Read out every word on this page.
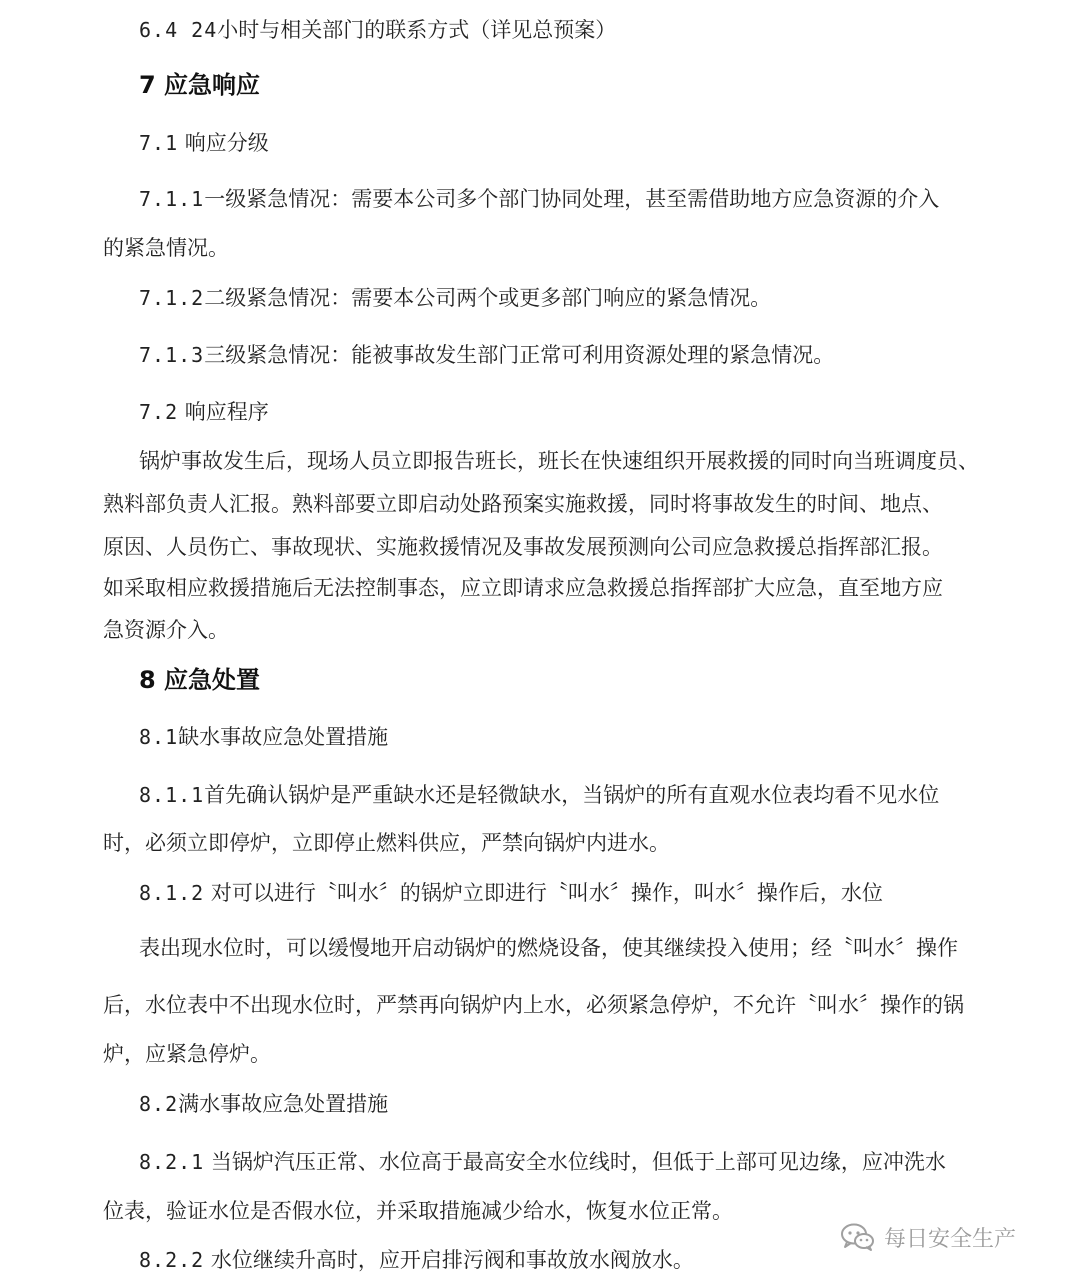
6.4 24小时与相关部门的联系方式（详见总预案）
7 应急响应
7.1 响应分级
7.1.1一级紧急情况：需要本公司多个部门协同处理，甚至需借助地方应急资源的介入
的紧急情况。
7.1.2二级紧急情况：需要本公司两个或更多部门响应的紧急情况。
7.1.3三级紧急情况：能被事故发生部门正常可利用资源处理的紧急情况。
7.2 响应程序
锅炉事故发生后，现场人员立即报告班长，班长在快速组织开展救援的同时向当班调度员、
熟料部负责人汇报。熟料部要立即启动处路预案实施救援，同时将事故发生的时间、地点、
原因、人员伤亡、事故现状、实施救援情况及事故发展预测向公司应急救援总指挥部汇报。
如采取相应救援措施后无法控制事态，应立即请求应急救援总指挥部扩大应急，直至地方应
急资源介入。
8 应急处置
8.1缺水事故应急处置措施
8.1.1首先确认锅炉是严重缺水还是轻微缺水，当锅炉的所有直观水位表均看不见水位
时，必须立即停炉，立即停止燃料供应，严禁向锅炉内进水。
8.1.2 对可以进行〝叫水〞的锅炉立即进行〝叫水〞操作，叫水〞操作后，水位
表出现水位时，可以缓慢地开启动锅炉的燃烧设备，使其继续投入使用；经〝叫水〞操作
后，水位表中不出现水位时，严禁再向锅炉内上水，必须紧急停炉，不允许〝叫水〞操作的锅
炉，应紧急停炉。
8.2满水事故应急处置措施
8.2.1 当锅炉汽压正常、水位高于最高安全水位线时，但低于上部可见边缘，应冲洗水
位表，验证水位是否假水位，并采取措施减少给水，恢复水位正常。
8.2.2 水位继续升高时，应开启排污阀和事故放水阀放水。
每日安全生产
